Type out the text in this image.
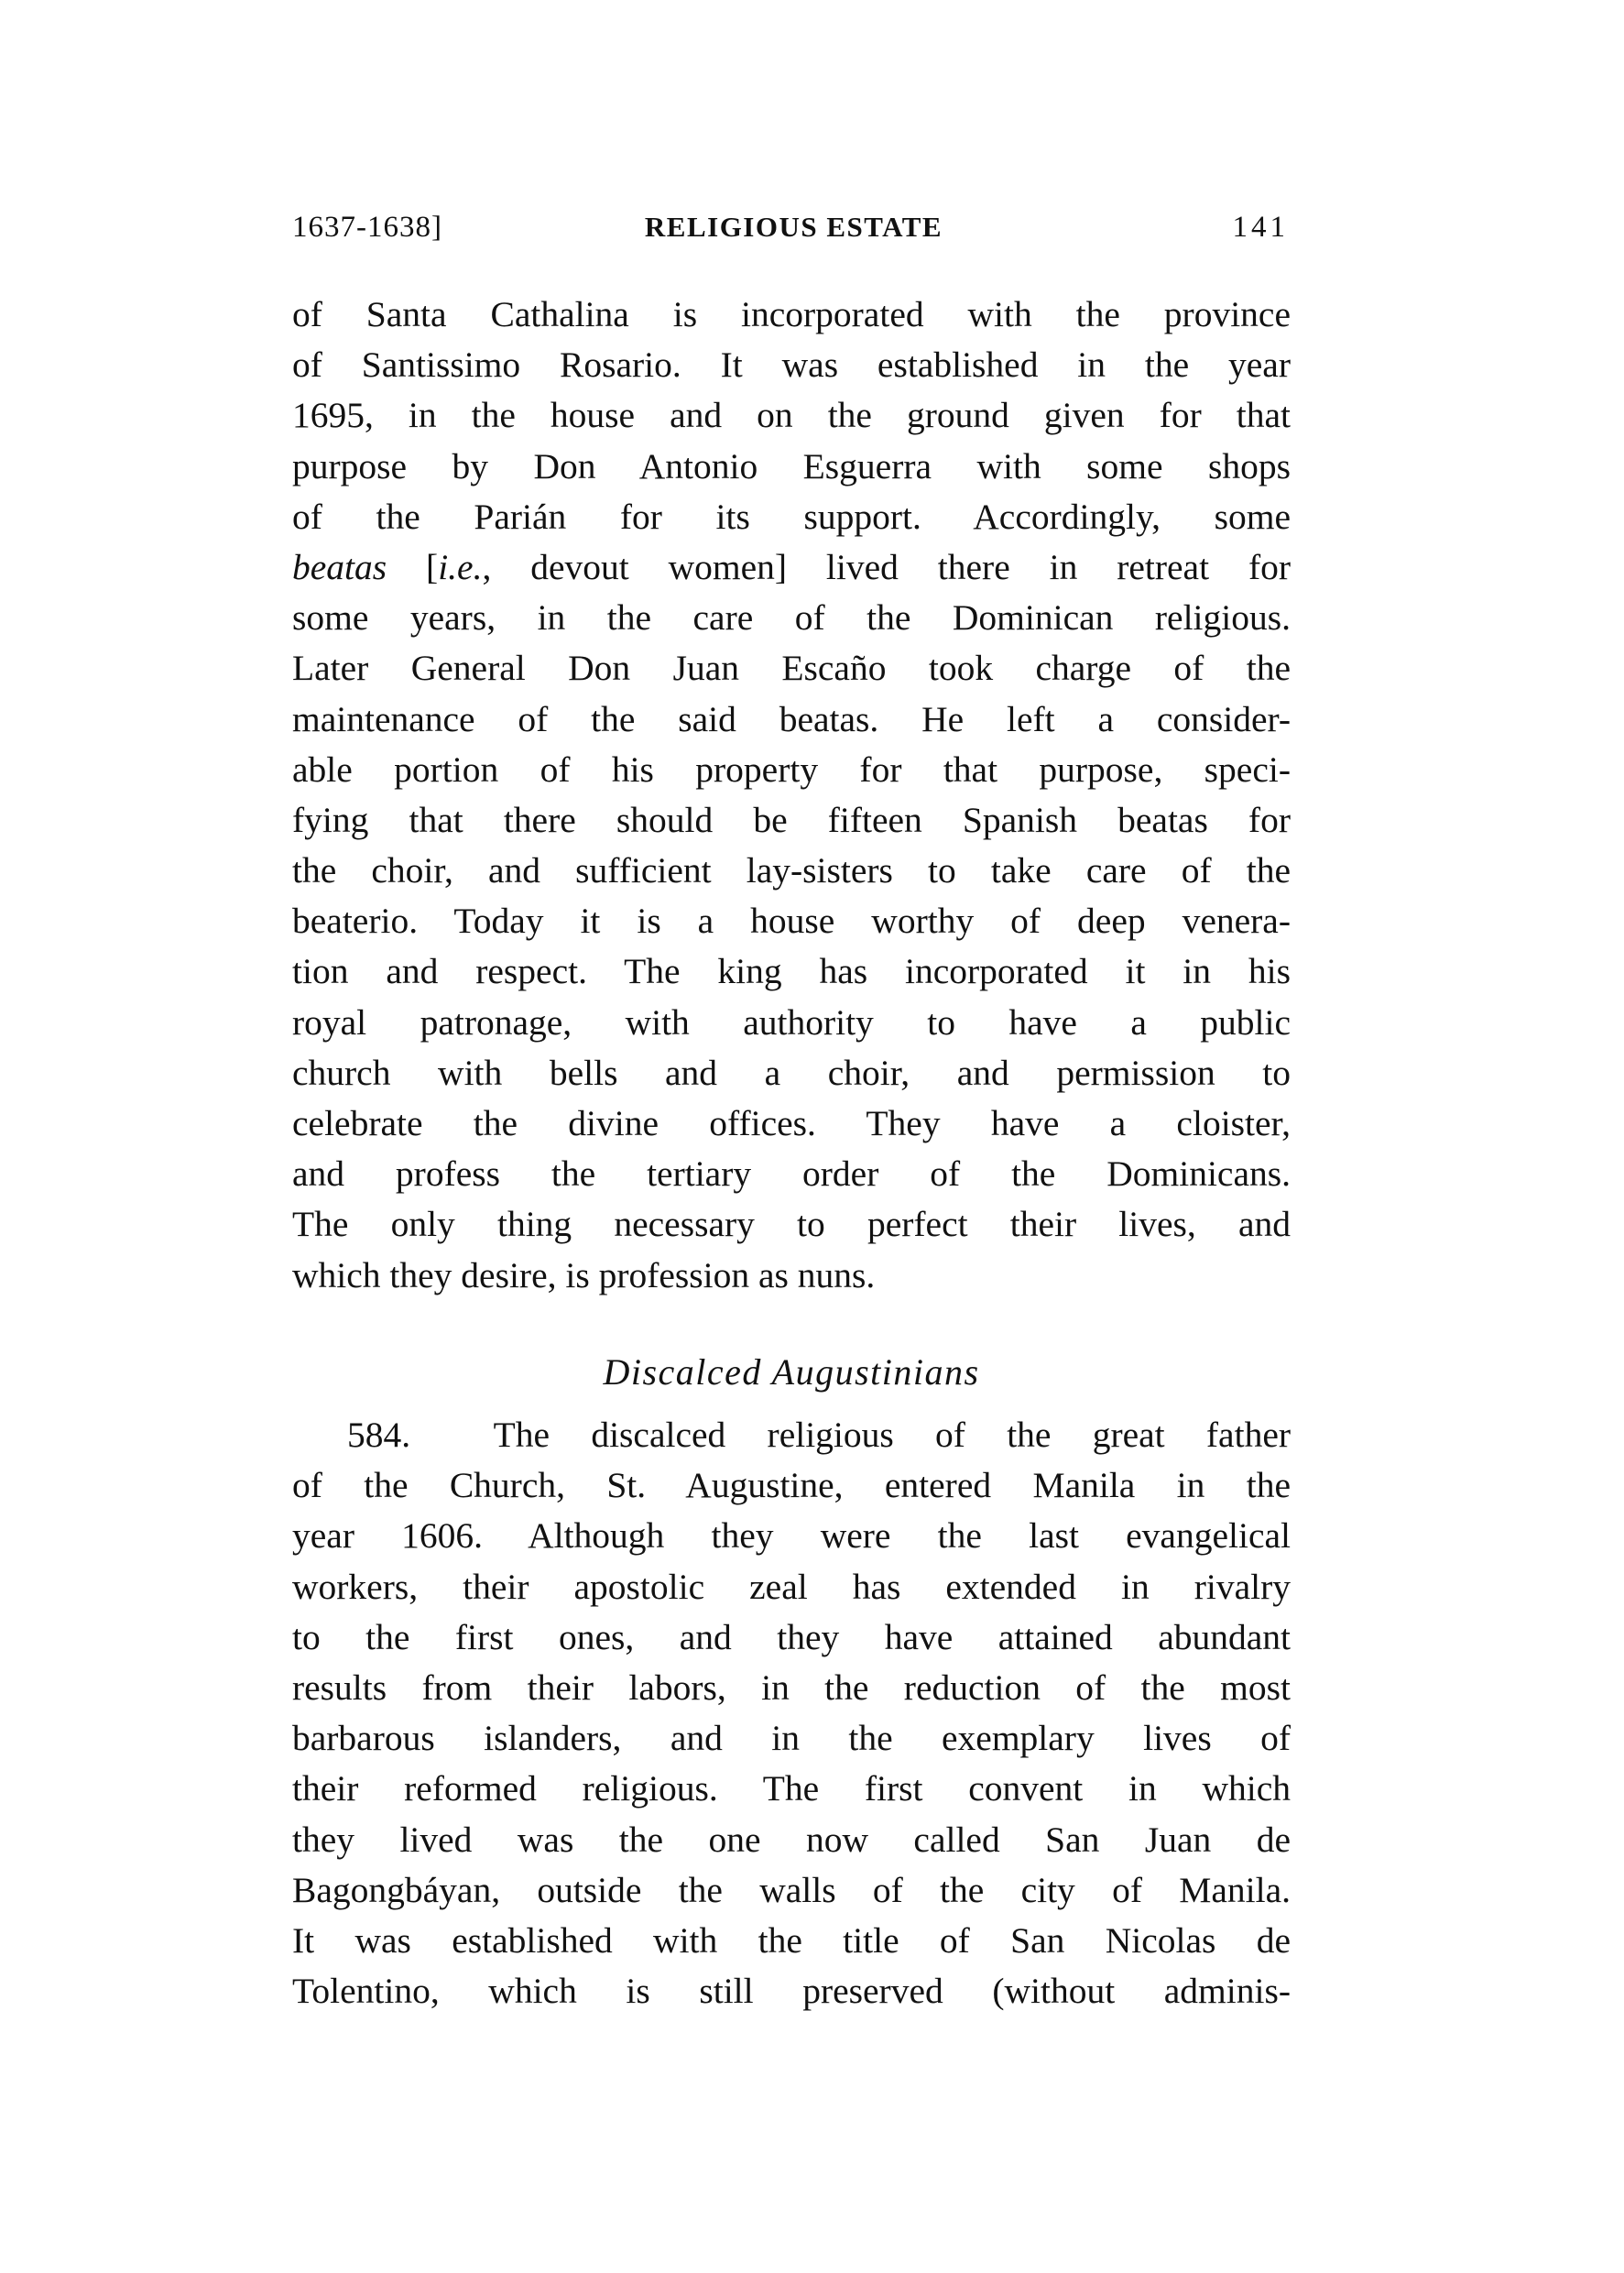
1637-1638]	RELIGIOUS ESTATE	141
of Santa Cathalina is incorporated with the province
of Santissimo Rosario. It was established in the year
1695, in the house and on the ground given for that
purpose by Don Antonio Esguerra with some shops
of the Parián for its support. Accordingly, some
beatas [i.e., devout women] lived there in retreat for
some years, in the care of the Dominican religious.
Later General Don Juan Escaño took charge of the
maintenance of the said beatas. He left a consider-
able portion of his property for that purpose, speci-
fying that there should be fifteen Spanish beatas for
the choir, and sufficient lay-sisters to take care of the
beaterio. Today it is a house worthy of deep venera-
tion and respect. The king has incorporated it in his
royal patronage, with authority to have a public
church with bells and a choir, and permission to
celebrate the divine offices. They have a cloister,
and profess the tertiary order of the Dominicans.
The only thing necessary to perfect their lives, and
which they desire, is profession as nuns.
Discalced Augustinians
584. The discalced religious of the great father
of the Church, St. Augustine, entered Manila in the
year 1606. Although they were the last evangelical
workers, their apostolic zeal has extended in rivalry
to the first ones, and they have attained abundant
results from their labors, in the reduction of the most
barbarous islanders, and in the exemplary lives of
their reformed religious. The first convent in which
they lived was the one now called San Juan de
Bagongbáyan, outside the walls of the city of Manila.
It was established with the title of San Nicolas de
Tolentino, which is still preserved (without adminis-
